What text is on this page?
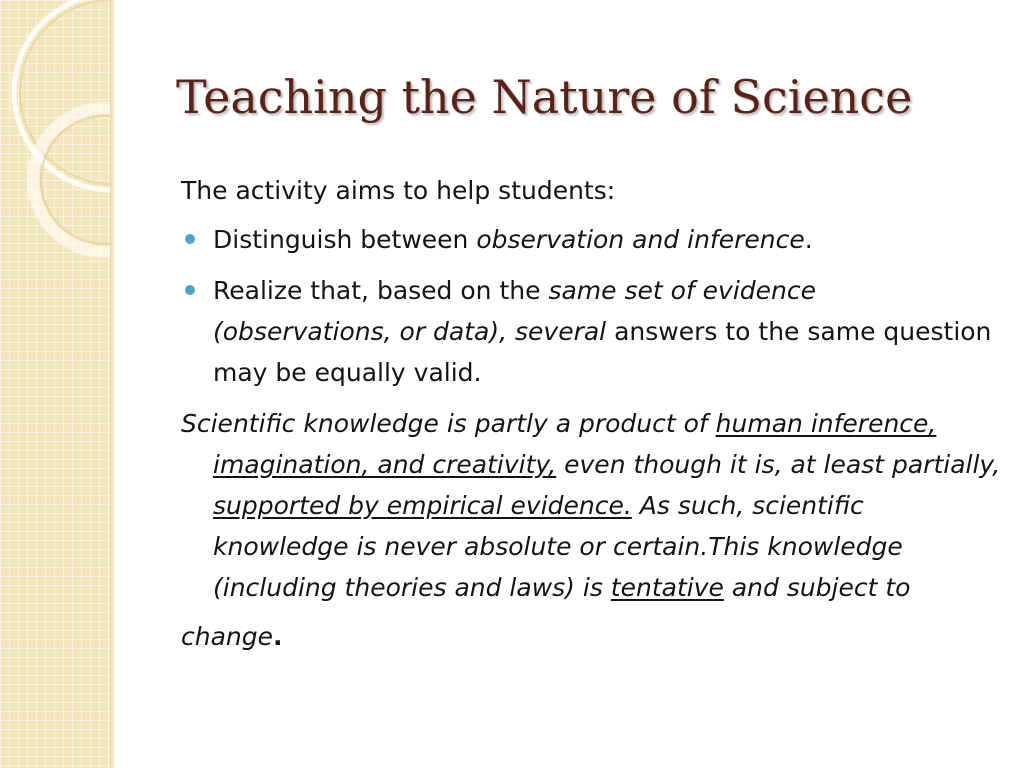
Teaching the Nature of Science
The activity aims to help students:
Distinguish between observation and inference.
Realize that, based on the same set of evidence (observations, or data), several answers to the same question may be equally valid.
Scientific knowledge is partly a product of human inference, imagination, and creativity, even though it is, at least partially, supported by empirical evidence. As such, scientific knowledge is never absolute or certain.This knowledge (including theories and laws) is tentative and subject to
change.
